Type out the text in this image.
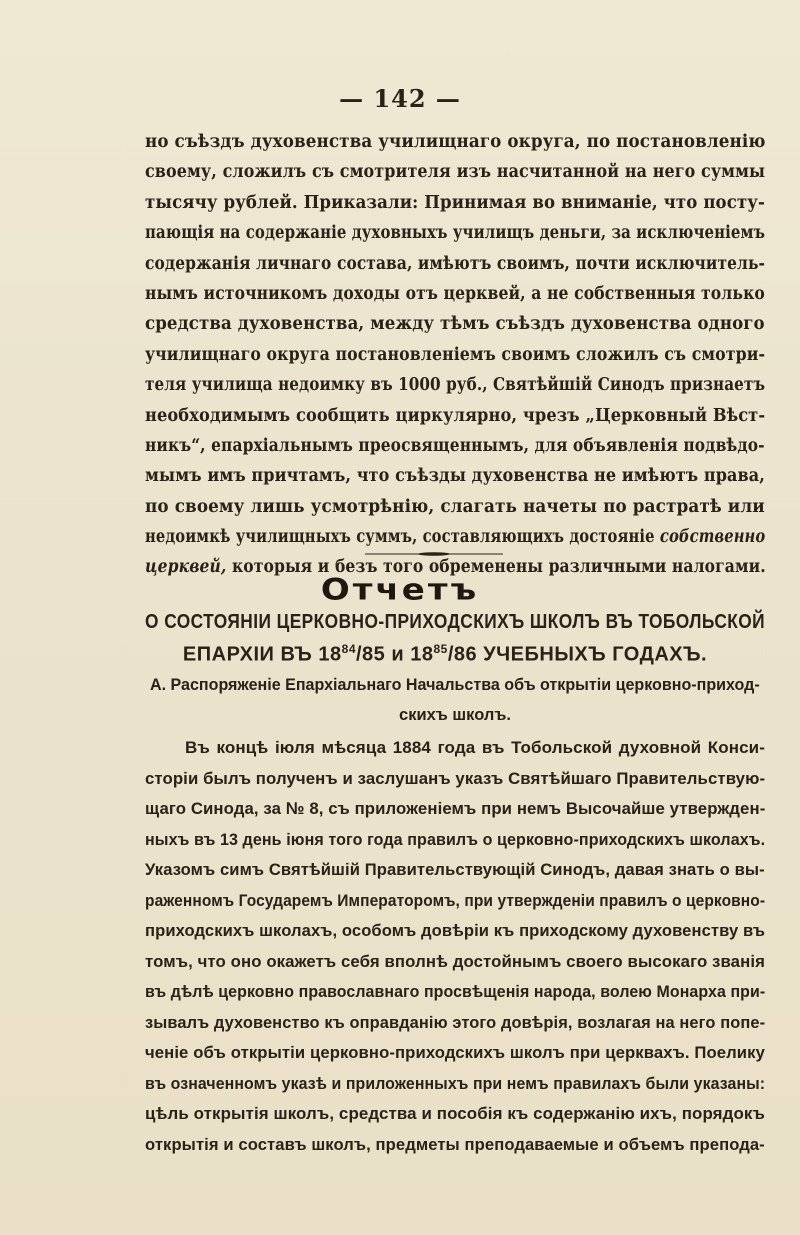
— 142 —
но съѣздъ духовенства училищнаго округа, по постановленію
своему, сложилъ съ смотрителя изъ насчитанной на него суммы
тысячу рублей. Приказали: Принимая во вниманіе, что посту-
пающія на содержаніе духовныхъ училищъ деньги, за исключеніемъ
содержанія личнаго состава, имѣютъ своимъ, почти исключитель-
нымъ источникомъ доходы отъ церквей, а не собственныя только
средства духовенства, между тѣмъ съѣздъ духовенства одного
училищнаго округа постановленіемъ своимъ сложилъ съ смотри-
теля училища недоимку въ 1000 руб., Святѣйшій Синодъ признаетъ
необходимымъ сообщить циркулярно, чрезъ „Церковный Вѣст-
никъ“, епархіальнымъ преосвященнымъ, для объявленія подвѣдо-
мымъ имъ причтамъ, что съѣзды духовенства не имѣютъ права,
по своему лишь усмотрѣнію, слагать начеты по растратѣ или
недоимкѣ училищныхъ суммъ, составляющихъ достояніе собственно
церквей, которыя и безъ того обременены различными налогами.
Отчетъ
О СОСТОЯНІИ ЦЕРКОВНО-ПРИХОДСКИХЪ ШКОЛЪ ВЪ ТОБОЛЬСКОЙ
ЕПАРХІИ ВЪ $18^{84}/85$ и $18^{85}/86$ УЧЕБНЫХЪ ГОДАХЪ.
А. Распоряженіе Епархіальнаго Начальства объ открытіи церковно-приход-
скихъ школъ.
Въ концѣ іюля мѣсяца 1884 года въ Тобольской духовной Конси-
сторіи былъ полученъ и заслушанъ указъ Святѣйшаго Правительствую-
щаго Синода, за № 8, съ приложеніемъ при немъ Высочайше утвержден-
ныхъ въ 13 день іюня того года правилъ о церковно-приходскихъ школахъ.
Указомъ симъ Святѣйшій Правительствующій Синодъ, давая знать о вы-
раженномъ Государемъ Императоромъ, при утвержденіи правилъ о церковно-
приходскихъ школахъ, особомъ довѣріи къ приходскому духовенству въ
томъ, что оно окажетъ себя вполнѣ достойнымъ своего высокаго званія
въ дѣлѣ церковно православнаго просвѣщенія народа, волею Монарха при-
зывалъ духовенство къ оправданію этого довѣрія, возлагая на него попе-
ченіе объ открытіи церковно-приходскихъ школъ при церквахъ. Поелику
въ означенномъ указѣ и приложенныхъ при немъ правилахъ были указаны:
цѣль открытія школъ, средства и пособія къ содержанію ихъ, порядокъ
открытія и составъ школъ, предметы преподаваемые и объемъ препода-
